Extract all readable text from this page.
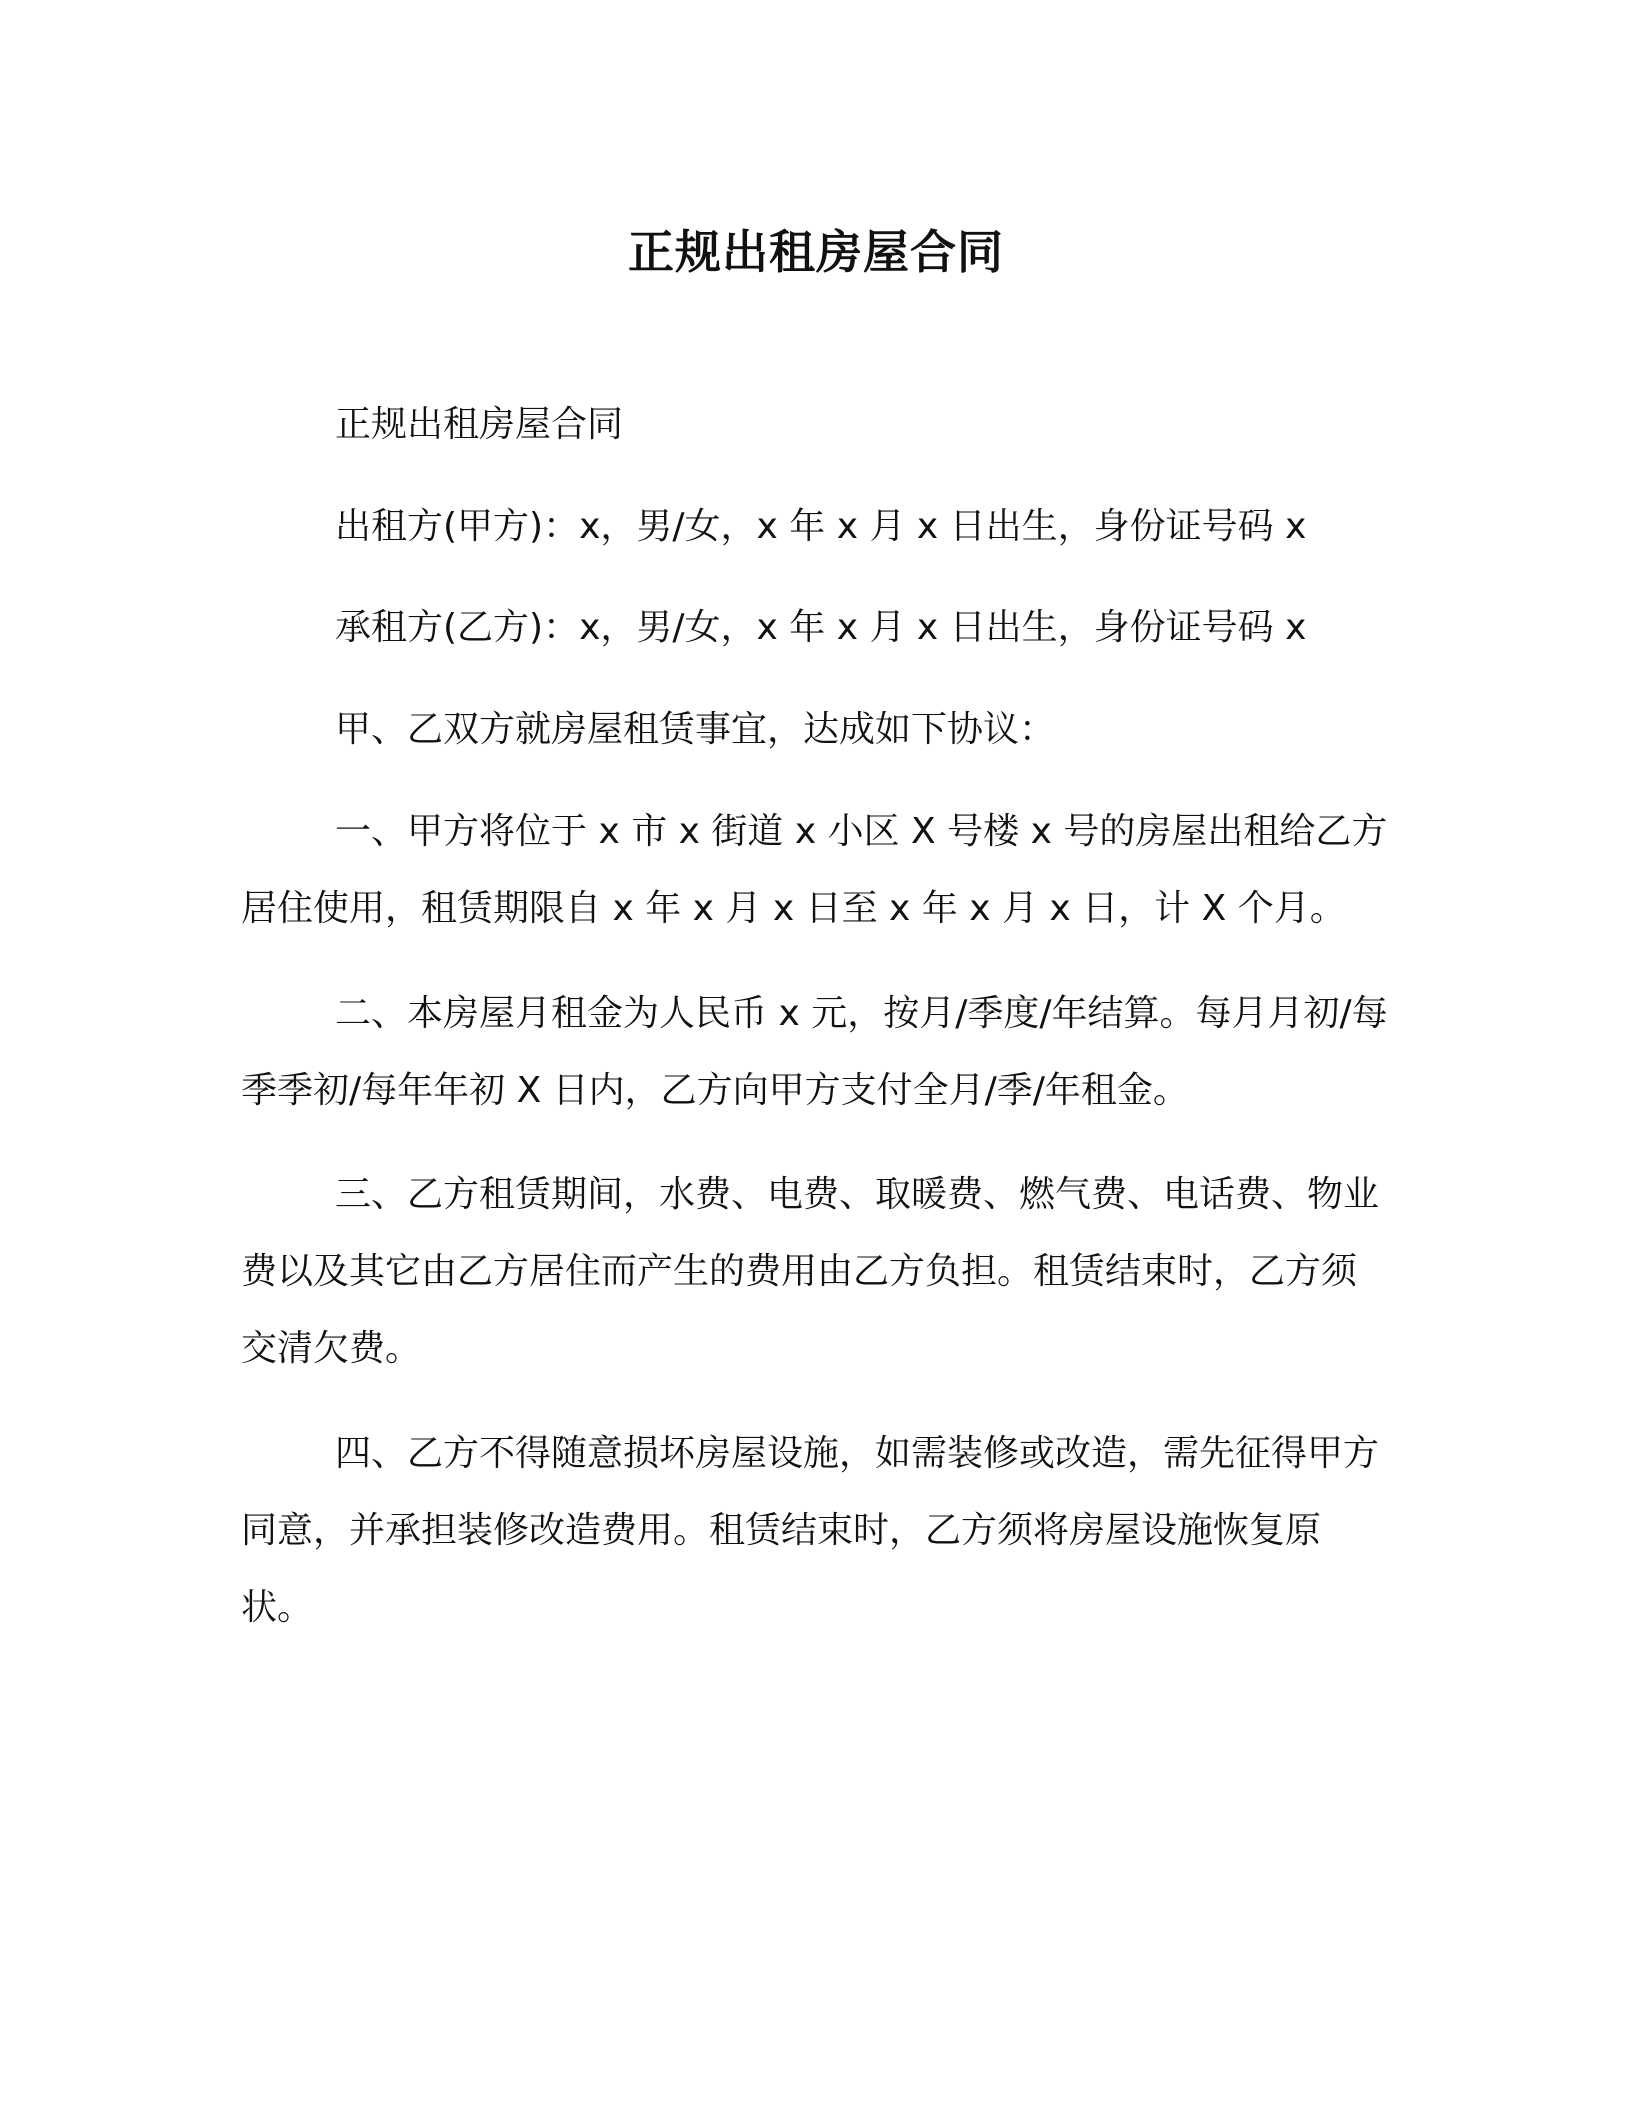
正规出租房屋合同

正规出租房屋合同

出租方(甲方)：x，男/女，x 年 x 月 x 日出生，身份证号码 x

承租方(乙方)：x，男/女，x 年 x 月 x 日出生，身份证号码 x

甲、乙双方就房屋租赁事宜，达成如下协议：

一、甲方将位于 x 市 x 街道 x 小区 X 号楼 x 号的房屋出租给乙方居住使用，租赁期限自 x 年 x 月 x 日至 x 年 x 月 x 日，计 X 个月。

二、本房屋月租金为人民币 x 元，按月/季度/年结算。每月月初/每季季初/每年年初 X 日内，乙方向甲方支付全月/季/年租金。

三、乙方租赁期间，水费、电费、取暖费、燃气费、电话费、物业费以及其它由乙方居住而产生的费用由乙方负担。租赁结束时，乙方须交清欠费。

四、乙方不得随意损坏房屋设施，如需装修或改造，需先征得甲方同意，并承担装修改造费用。租赁结束时，乙方须将房屋设施恢复原状。
